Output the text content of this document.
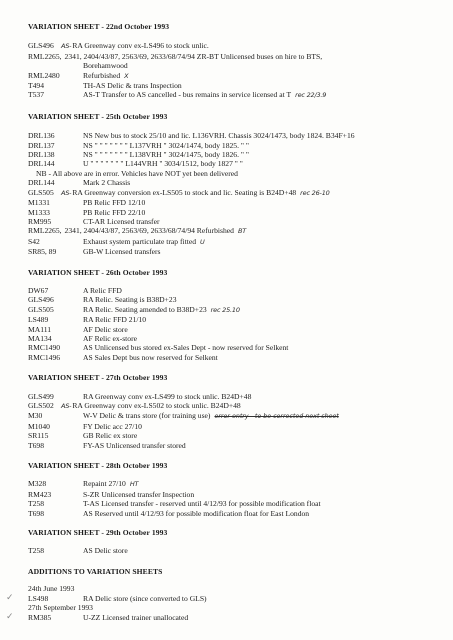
VARIATION SHEET - 22nd October 1993
GLS496	AS-RA Greenway conv ex-LS496 to stock unlic.
RML2265, 2341, 2404/43/87, 2563/69, 2633/68/74/94 ZR-BT Unlicensed buses on hire to BTS,
Borehamwood
RML2480	Refurbished X
T494	TH-AS Delic & trans Inspection
T537	AS-T Transfer to AS cancelled - bus remains in service licensed at T rec 22/3.9
VARIATION SHEET - 25th October 1993
DRL136	NS New bus to stock 25/10 and lic. L136VRH. Chassis 3024/1473, body 1824. B34F+16
DRL137	NS " " " " " " " L137VRH " 3024/1474, body 1825. " "
DRL138	NS " " " " " " " L138VRH " 3024/1475, body 1826. " "
DRL144	U " " " " " " " L144VRH " 3034/1512, body 1827 " "
NB - All above are in error. Vehicles have NOT yet been delivered
DRL144	Mark 2 Chassis
GLS505	AS-RA Greenway conversion ex-LS505 to stock and lic. Seating is B24D+48 rec 26-10
M1331	PB Relic FFD 12/10
M1333	PB Relic FFD 22/10
RM995	CT-AR Licensed transfer
RML2265, 2341, 2404/43/87, 2563/69, 2633/68/74/94 Refurbished BT
S42	Exhaust system particulate trap fitted U
SR85, 89	GB-W Licensed transfers
VARIATION SHEET - 26th October 1993
DW67	A Relic FFD
GLS496	RA Relic. Seating is B38D+23
GLS505	RA Relic. Seating amended to B38D+23 rec 25.10
LS489	RA Relic FFD 21/10
MA111	AF Delic store
MA134	AF Relic ex-store
RMC1490	AS Unlicensed bus stored ex-Sales Dept - now reserved for Selkent
RMC1496	AS Sales Dept bus now reserved for Selkent
VARIATION SHEET - 27th October 1993
GLS499	RA Greenway conv ex-LS499 to stock unlic. B24D+48
GLS502	AS-RA Greenway conv ex-LS502 to stock unlic. B24D+48
M30	W-V Delic & trans store (for training use) error entry - to be corrected next sheet
M1040	FY Delic acc 27/10
SR115	GB Relic ex store
T698	FY-AS Unlicensed transfer stored
VARIATION SHEET - 28th October 1993
M328	Repaint 27/10 HT
RM423	S-ZR Unlicensed transfer Inspection
T258	T-AS Licensed transfer - reserved until 4/12/93 for possible modification float
T698	AS Reserved until 4/12/93 for possible modification float for East London
VARIATION SHEET - 29th October 1993
T258	AS Delic store
ADDITIONS TO VARIATION SHEETS
24th June 1993
✓ LS498	RA Delic store (since converted to GLS)
27th September 1993
✓ RM385	U-ZZ Licensed trainer unallocated
